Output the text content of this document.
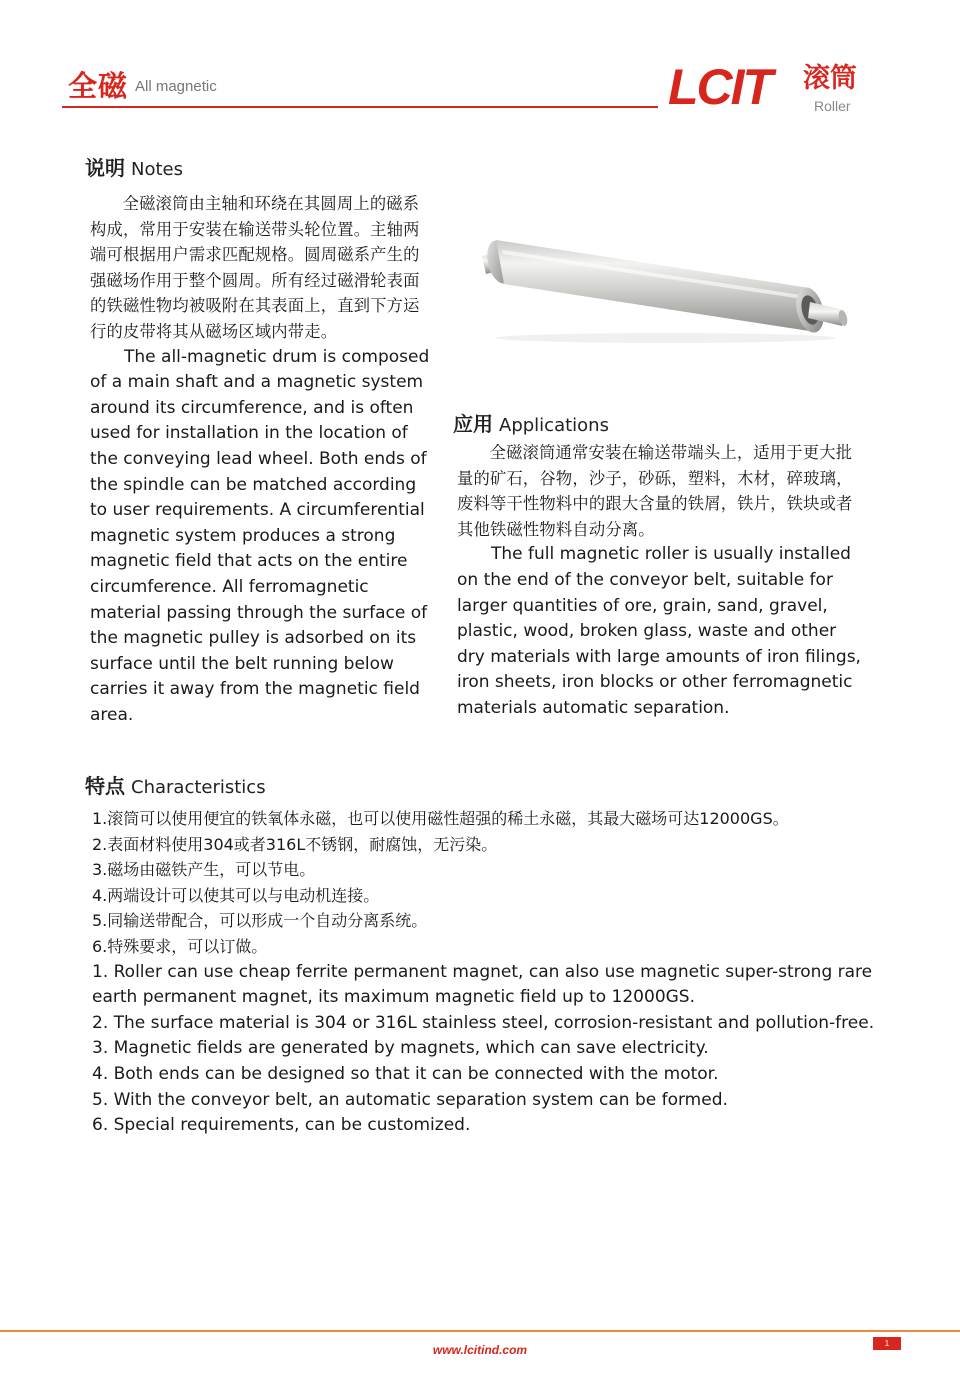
全磁 All magnetic	LCIT 滚筒
Roller
说明 Notes
全磁滚筒由主轴和环绕在其圆周上的磁系构成，常用于安装在输送带头轮位置。主轴两端可根据用户需求匹配规格。圆周磁系产生的强磁场作用于整个圆周。所有经过磁滑轮表面的铁磁性物均被吸附在其表面上，直到下方运行的皮带将其从磁场区域内带走。
The all-magnetic drum is composed of a main shaft and a magnetic system around its circumference, and is often used for installation in the location of the conveying lead wheel. Both ends of the spindle can be matched according to user requirements. A circumferential magnetic system produces a strong magnetic field that acts on the entire circumference. All ferromagnetic material passing through the surface of the magnetic pulley is adsorbed on its surface until the belt running below carries it away from the magnetic field area.
应用 Applications
全磁滚筒通常安装在输送带端头上，适用于更大批量的矿石，谷物，沙子，砂砾，塑料，木材，碎玻璃，废料等干性物料中的跟大含量的铁屑，铁片，铁块或者其他铁磁性物料自动分离。
The full magnetic roller is usually installed on the end of the conveyor belt, suitable for larger quantities of ore, grain, sand, gravel, plastic, wood, broken glass, waste and other dry materials with large amounts of iron filings, iron sheets, iron blocks or other ferromagnetic materials automatic separation.
特点 Characteristics
1.滚筒可以使用便宜的铁氧体永磁，也可以使用磁性超强的稀土永磁，其最大磁场可达12000GS。
2.表面材料使用304或者316L不锈钢，耐腐蚀，无污染。
3.磁场由磁铁产生，可以节电。
4.两端设计可以使其可以与电动机连接。
5.同输送带配合，可以形成一个自动分离系统。
6.特殊要求，可以订做。
1. Roller can use cheap ferrite permanent magnet, can also use magnetic super-strong rare earth permanent magnet, its maximum magnetic field up to 12000GS.
2. The surface material is 304 or 316L stainless steel, corrosion-resistant and pollution-free.
3. Magnetic fields are generated by magnets, which can save electricity.
4. Both ends can be designed so that it can be connected with the motor.
5. With the conveyor belt, an automatic separation system can be formed.
6. Special requirements, can be customized.
www.lcitind.com	1
